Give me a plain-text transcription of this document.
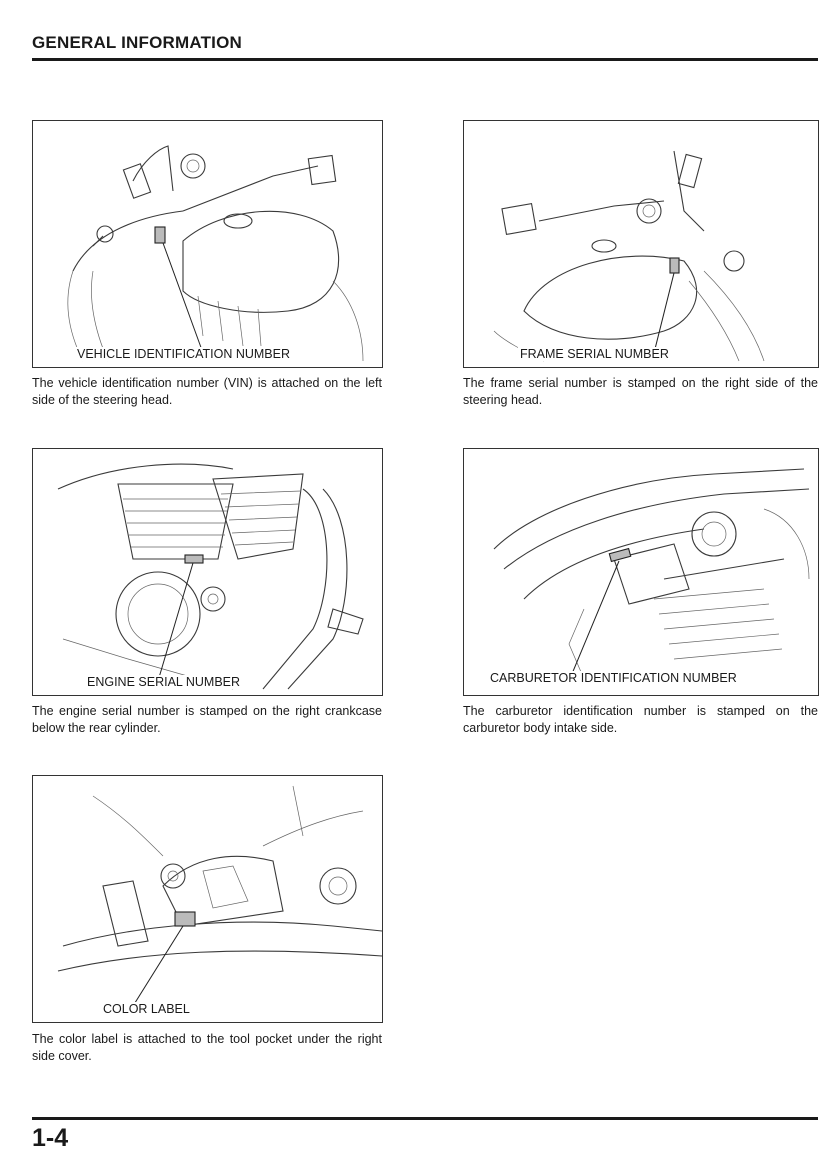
GENERAL INFORMATION
VEHICLE IDENTIFICATION NUMBER
The vehicle identification number (VIN) is attached on the left side of the steering head.
FRAME SERIAL NUMBER
The frame serial number is stamped on the right side of the steering head.
ENGINE SERIAL NUMBER
The engine serial number is stamped on the right crankcase below the rear cylinder.
CARBURETOR IDENTIFICATION NUMBER
The carburetor identification number is stamped on the carburetor body intake side.
COLOR LABEL
The color label is attached to the tool pocket under the right side cover.
1-4
